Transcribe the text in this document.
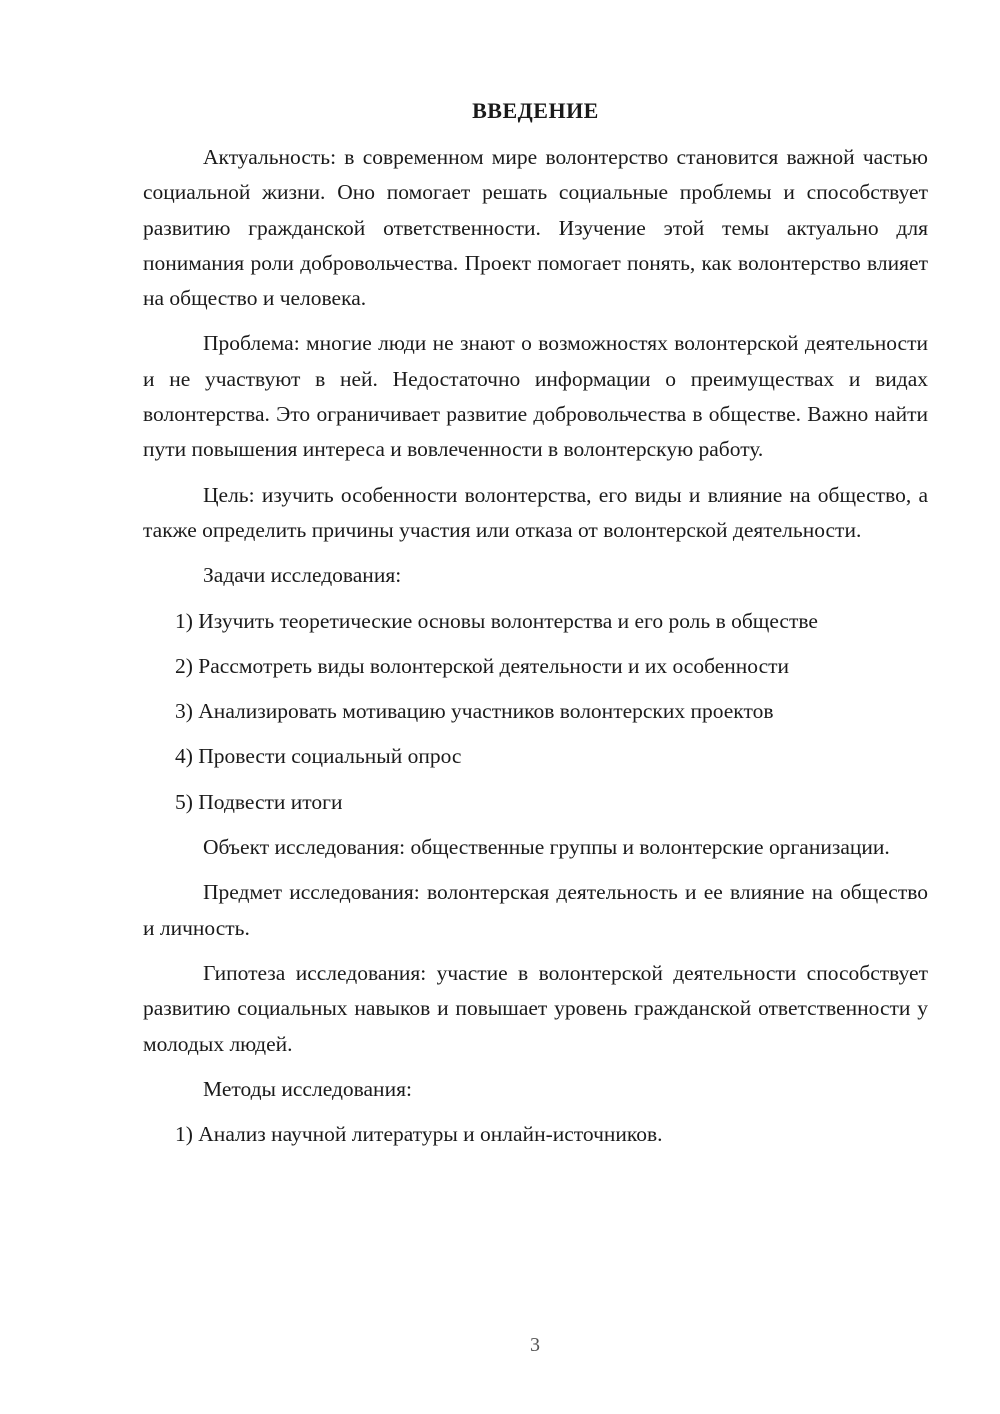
ВВЕДЕНИЕ

Актуальность: в современном мире волонтерство становится важной частью социальной жизни. Оно помогает решать социальные проблемы и способствует развитию гражданской ответственности. Изучение этой темы актуально для понимания роли добровольчества. Проект помогает понять, как волонтерство влияет на общество и человека.

Проблема: многие люди не знают о возможностях волонтерской деятельности и не участвуют в ней. Недостаточно информации о преимуществах и видах волонтерства. Это ограничивает развитие добровольчества в обществе. Важно найти пути повышения интереса и вовлеченности в волонтерскую работу.

Цель: изучить особенности волонтерства, его виды и влияние на общество, а также определить причины участия или отказа от волонтерской деятельности.

Задачи исследования:

1) Изучить теоретические основы волонтерства и его роль в обществе

2) Рассмотреть виды волонтерской деятельности и их особенности

3) Анализировать мотивацию участников волонтерских проектов

4) Провести социальный опрос

5) Подвести итоги

Объект исследования: общественные группы и волонтерские организации.

Предмет исследования: волонтерская деятельность и ее влияние на общество и личность.

Гипотеза исследования: участие в волонтерской деятельности способствует развитию социальных навыков и повышает уровень гражданской ответственности у молодых людей.

Методы исследования:

1) Анализ научной литературы и онлайн-источников.

3
